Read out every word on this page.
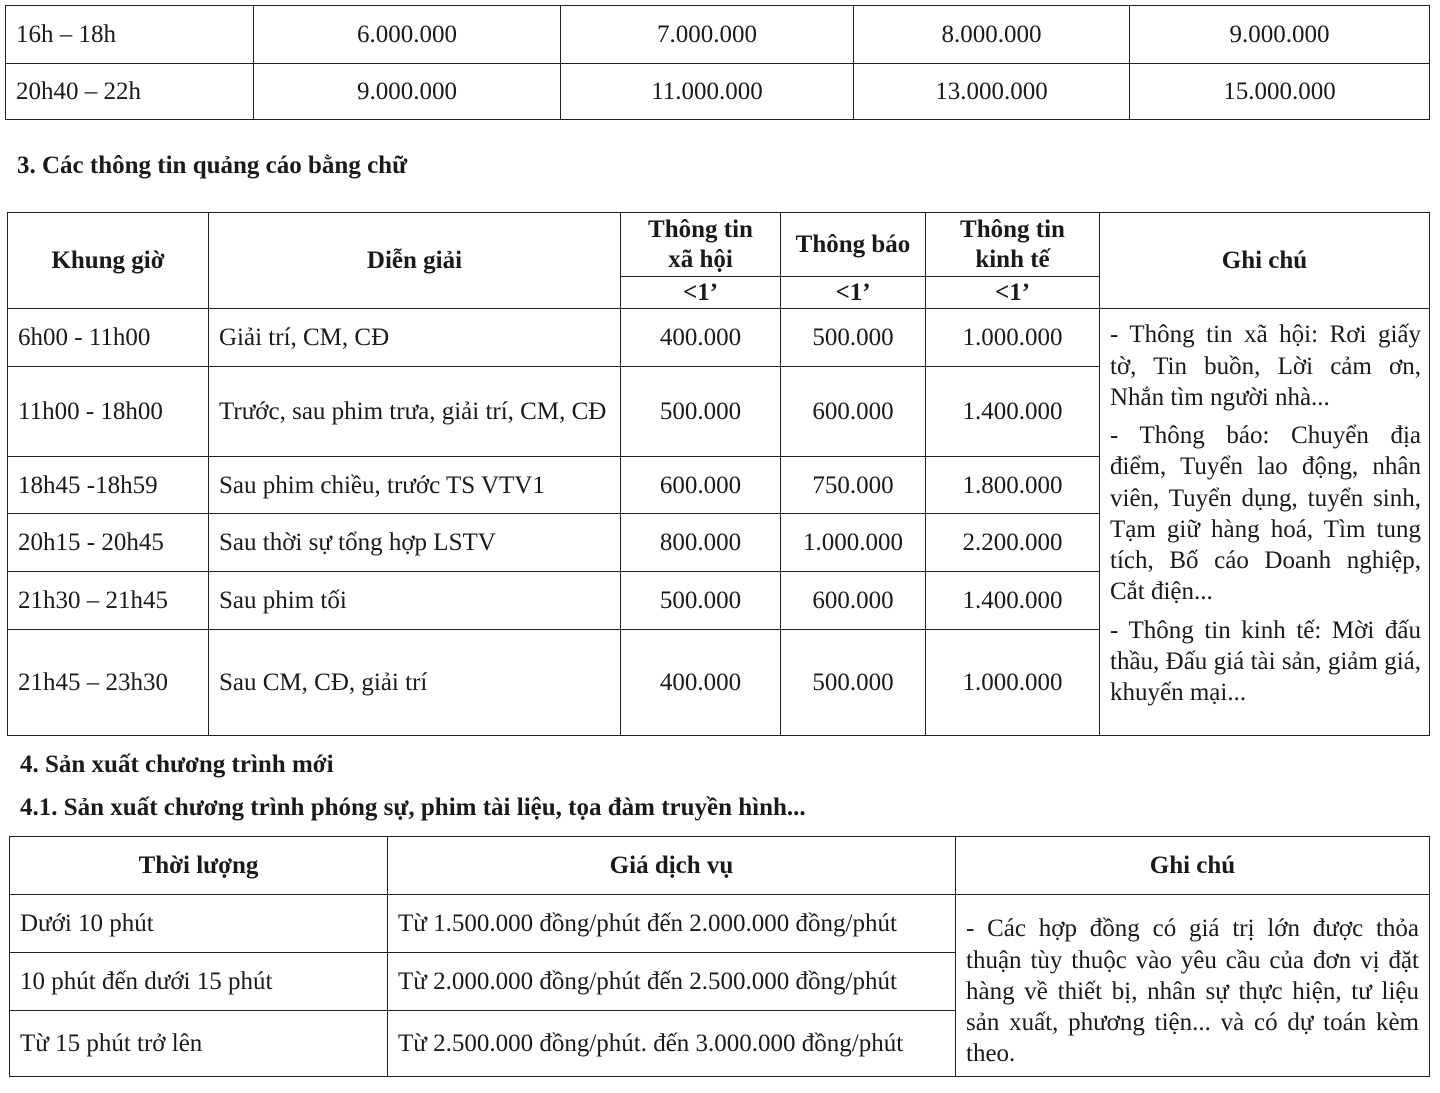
16h – 18h	6.000.000	7.000.000	8.000.000	9.000.000
20h40 – 22h	9.000.000	11.000.000	13.000.000	15.000.000
3. Các thông tin quảng cáo bằng chữ
Khung giờ	Diễn giải	Thông tin xã hội	Thông báo	Thông tin kinh tế	Ghi chú
		<1’	<1’	<1’	
6h00 - 11h00	Giải trí, CM, CĐ	400.000	500.000	1.000.000	- Thông tin xã hội: Rơi giấy tờ, Tin buồn, Lời cảm ơn, Nhắn tìm người nhà...

- Thông báo: Chuyển địa điểm, Tuyển lao động, nhân viên, Tuyển dụng, tuyển sinh, Tạm giữ hàng hoá, Tìm tung tích, Bố cáo Doanh nghiệp, Cắt điện...

- Thông tin kinh tế: Mời đấu thầu, Đấu giá tài sản, giảm giá, khuyến mại...

11h00 - 18h00	Trước, sau phim trưa, giải trí, CM, CĐ	500.000	600.000	1.400.000	
18h45 -18h59	Sau phim chiều, trước TS VTV1	600.000	750.000	1.800.000	
20h15 - 20h45	Sau thời sự tổng hợp LSTV	800.000	1.000.000	2.200.000	
21h30 – 21h45	Sau phim tối	500.000	600.000	1.400.000	
21h45 – 23h30	Sau CM, CĐ, giải trí	400.000	500.000	1.000.000	
4. Sản xuất chương trình mới
4.1. Sản xuất chương trình phóng sự, phim tài liệu, tọa đàm truyền hình...
Thời lượng	Giá dịch vụ	Ghi chú
Dưới 10 phút	Từ 1.500.000 đồng/phút đến 2.000.000 đồng/phút	- Các hợp đồng có giá trị lớn được thỏa thuận tùy thuộc vào yêu cầu của đơn vị đặt hàng về thiết bị, nhân sự thực hiện, tư liệu sản xuất, phương tiện... và có dự toán kèm theo.

10 phút đến dưới 15 phút	Từ 2.000.000 đồng/phút đến 2.500.000 đồng/phút	
Từ 15 phút trở lên	Từ 2.500.000 đồng/phút. đến 3.000.000 đồng/phút	
